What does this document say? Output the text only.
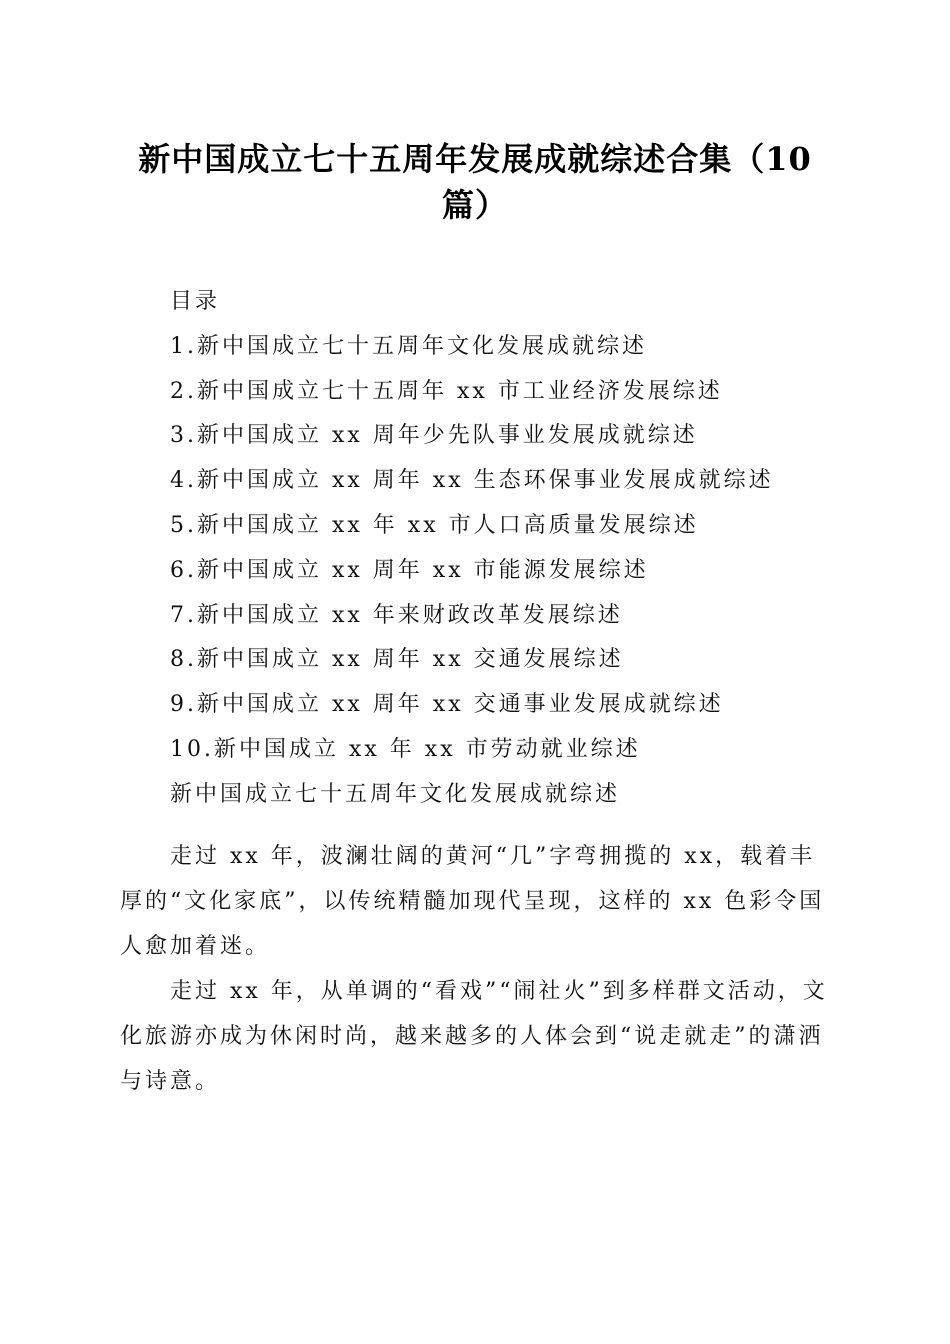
新中国成立七十五周年发展成就综述合集（10
篇）
目录
1.新中国成立七十五周年文化发展成就综述
2.新中国成立七十五周年 xx 市工业经济发展综述
3.新中国成立 xx 周年少先队事业发展成就综述
4.新中国成立 xx 周年 xx 生态环保事业发展成就综述
5.新中国成立 xx 年 xx 市人口高质量发展综述
6.新中国成立 xx 周年 xx 市能源发展综述
7.新中国成立 xx 年来财政改革发展综述
8.新中国成立 xx 周年 xx 交通发展综述
9.新中国成立 xx 周年 xx 交通事业发展成就综述
10.新中国成立 xx 年 xx 市劳动就业综述
新中国成立七十五周年文化发展成就综述

走过 xx 年，波澜壮阔的黄河“几”字弯拥揽的 xx，载着丰厚的“文化家底”，以传统精髓加现代呈现，这样的 xx 色彩令国人愈加着迷。

走过 xx 年，从单调的“看戏”“闹社火”到多样群文活动，文化旅游亦成为休闲时尚，越来越多的人体会到“说走就走”的潇洒与诗意。
